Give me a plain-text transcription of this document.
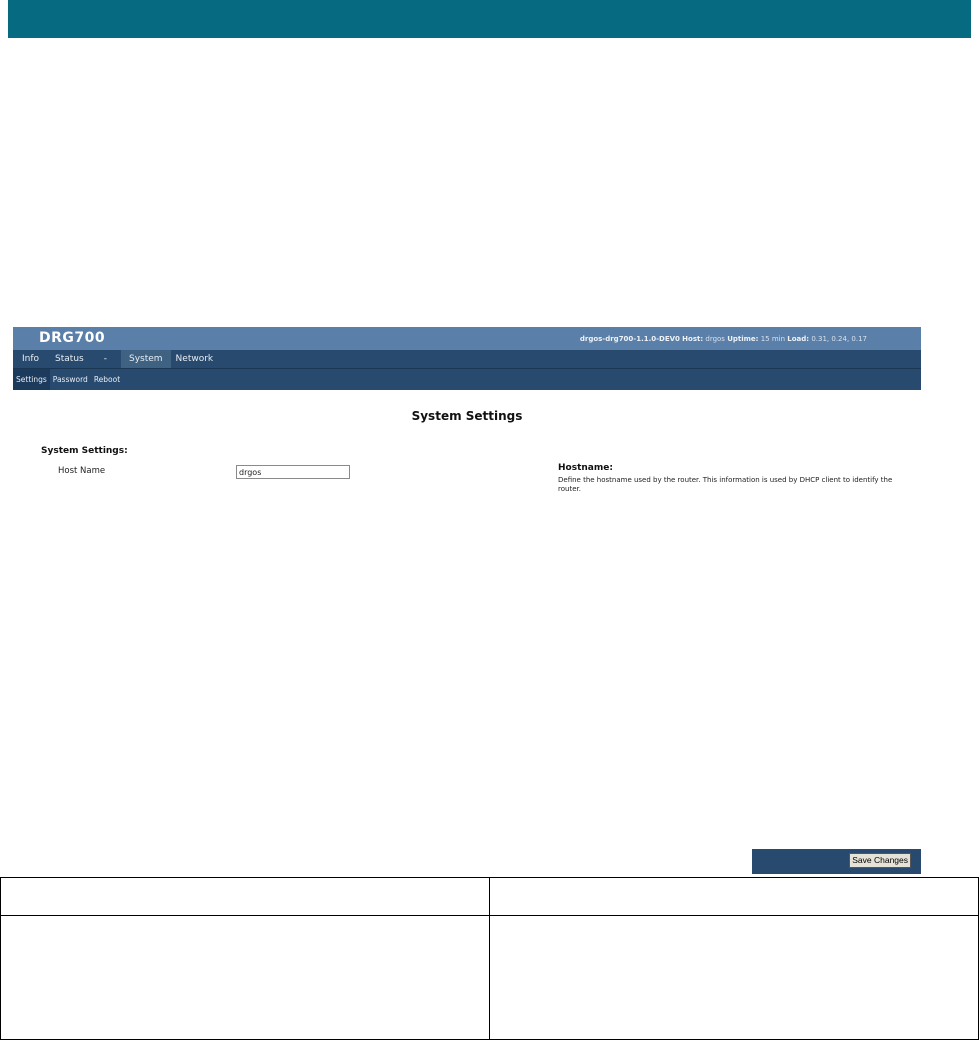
DRG700	drgos-drg700-1.1.0-DEV0 Host: drgos Uptime: 15 min Load: 0.31, 0.24, 0.17
Info	Status	-	System	Network
Settings Password Reboot
System Settings
System Settings:
Host Name
drgos	Hostname:
Define the hostname used by the router. This information is used by DHCP client to identify the router.
Save Changes
